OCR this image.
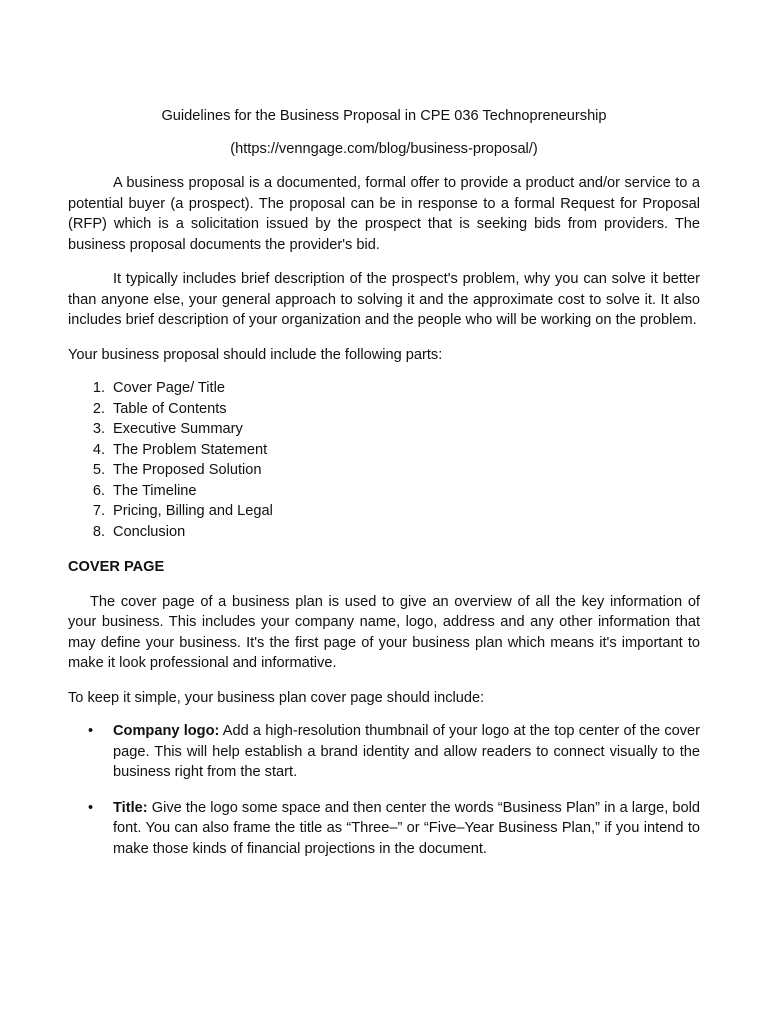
Guidelines for the Business Proposal in CPE 036 Technopreneurship

(https://venngage.com/blog/business-proposal/)

A business proposal is a documented, formal offer to provide a product and/or service to a potential buyer (a prospect). The proposal can be in response to a formal Request for Proposal (RFP) which is a solicitation issued by the prospect that is seeking bids from providers. The business proposal documents the provider's bid.

It typically includes brief description of the prospect's problem, why you can solve it better than anyone else, your general approach to solving it and the approximate cost to solve it. It also includes brief description of your organization and the people who will be working on the problem.

Your business proposal should include the following parts:

1. Cover Page/ Title
2. Table of Contents
3. Executive Summary
4. The Problem Statement
5. The Proposed Solution
6. The Timeline
7. Pricing, Billing and Legal
8. Conclusion

COVER PAGE

The cover page of a business plan is used to give an overview of all the key information of your business. This includes your company name, logo, address and any other information that may define your business. It's the first page of your business plan which means it's important to make it look professional and informative.

To keep it simple, your business plan cover page should include:

•	Company logo: Add a high-resolution thumbnail of your logo at the top center of the cover page. This will help establish a brand identity and allow readers to connect visually to the business right from the start.
•	Title: Give the logo some space and then center the words “Business Plan” in a large, bold font. You can also frame the title as “Three–” or “Five–Year Business Plan,” if you intend to make those kinds of financial projections in the document.
